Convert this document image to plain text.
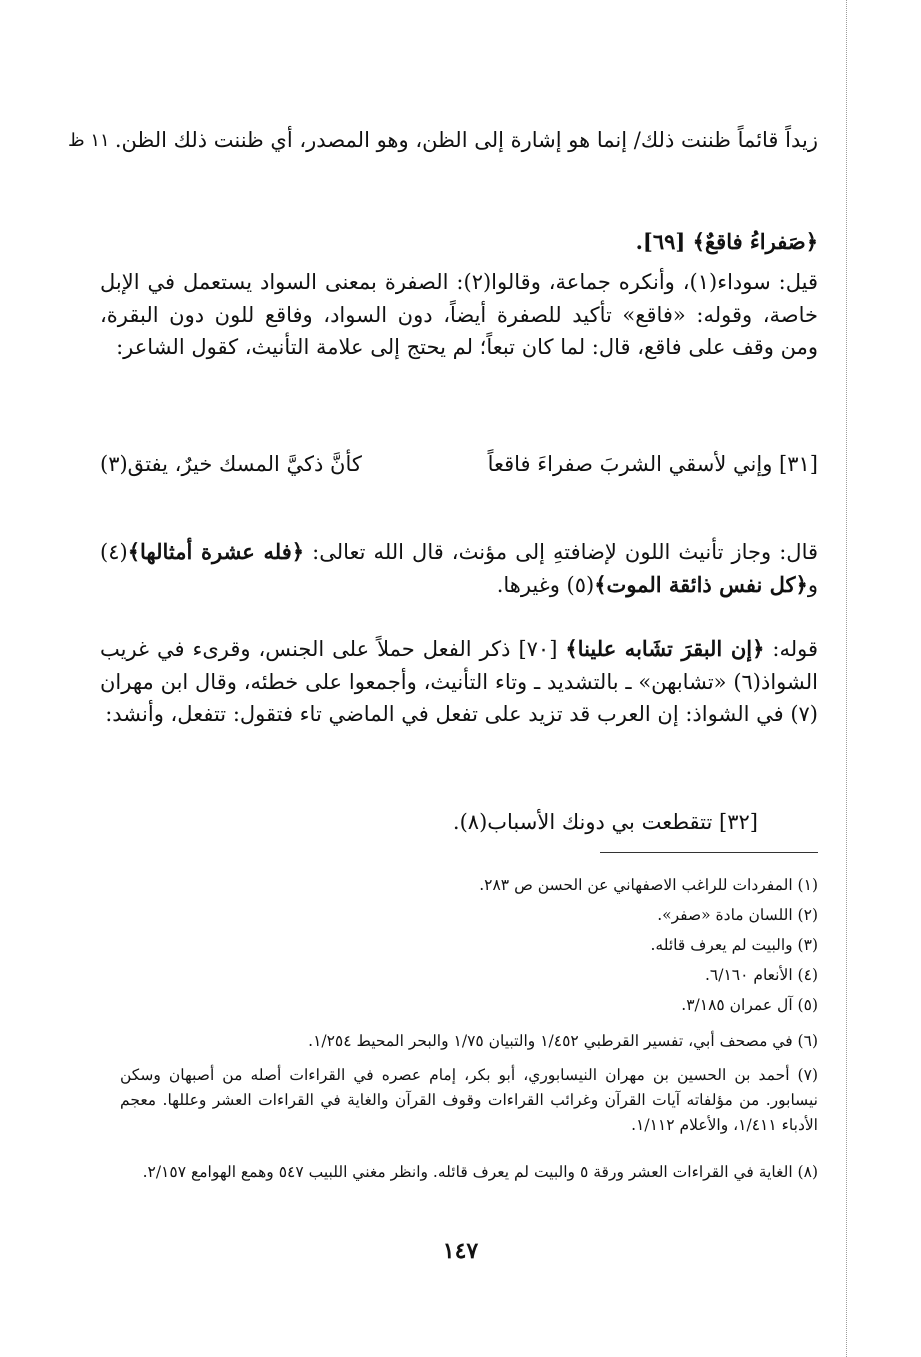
١١ ظ زيداً قائماً ظننت ذلك/ إنما هو إشارة إلى الظن، وهو المصدر، أي ظننت ذلك الظن.
﴿صَفراءُ فاقعٌ﴾ [٦٩].
قيل: سوداء(١)، وأنكره جماعة، وقالوا(٢): الصفرة بمعنى السواد يستعمل في الإبل خاصة، وقوله: «فاقع» تأكيد للصفرة أيضاً، دون السواد، وفاقع للون دون البقرة، ومن وقف على فاقع، قال: لما كان تبعاً؛ لم يحتج إلى علامة التأنيث، كقول الشاعر:
[٣١] وإني لأسقي الشربَ صفراءَ فاقعاً
كأنَّ ذكيَّ المسك خيرٌ، يفتق(٣)
قال: وجاز تأنيث اللون لإضافتهِ إلى مؤنث، قال الله تعالى: ﴿فله عشرة أمثالها﴾(٤) و﴿كل نفس ذائقة الموت﴾(٥) وغيرها.
قوله: ﴿إن البقرَ تشَابه علينا﴾ [٧٠] ذكر الفعل حملاً على الجنس، وقرىء في غريب الشواذ(٦) «تشابهن» ـ بالتشديد ـ وتاء التأنيث، وأجمعوا على خطئه، وقال ابن مهران (٧) في الشواذ: إن العرب قد تزيد على تفعل في الماضي تاء فتقول: تتفعل، وأنشد:
[٣٢] تتقطعت بي دونك الأسباب(٨).
(١) المفردات للراغب الاصفهاني عن الحسن ص ٢٨٣.
(٢) اللسان مادة «صفر».
(٣) والبيت لم يعرف قائله.
(٤) الأنعام ٦/١٦٠.
(٥) آل عمران ٣/١٨٥.
(٦) في مصحف أبي، تفسير القرطبي ١/٤٥٢ والتبيان ١/٧٥ والبحر المحيط ١/٢٥٤.
(٧) أحمد بن الحسين بن مهران النيسابوري، أبو بكر، إمام عصره في القراءات أصله من أصبهان وسكن نيسابور. من مؤلفاته آيات القرآن وغرائب القراءات وقوف القرآن والغاية في القراءات العشر وعللها. معجم الأدباء ١/٤١١، والأعلام ١/١١٢.
(٨) الغاية في القراءات العشر ورقة ٥ والبيت لم يعرف قائله. وانظر مغني اللبيب ٥٤٧ وهمع الهوامع ٢/١٥٧.
١٤٧
